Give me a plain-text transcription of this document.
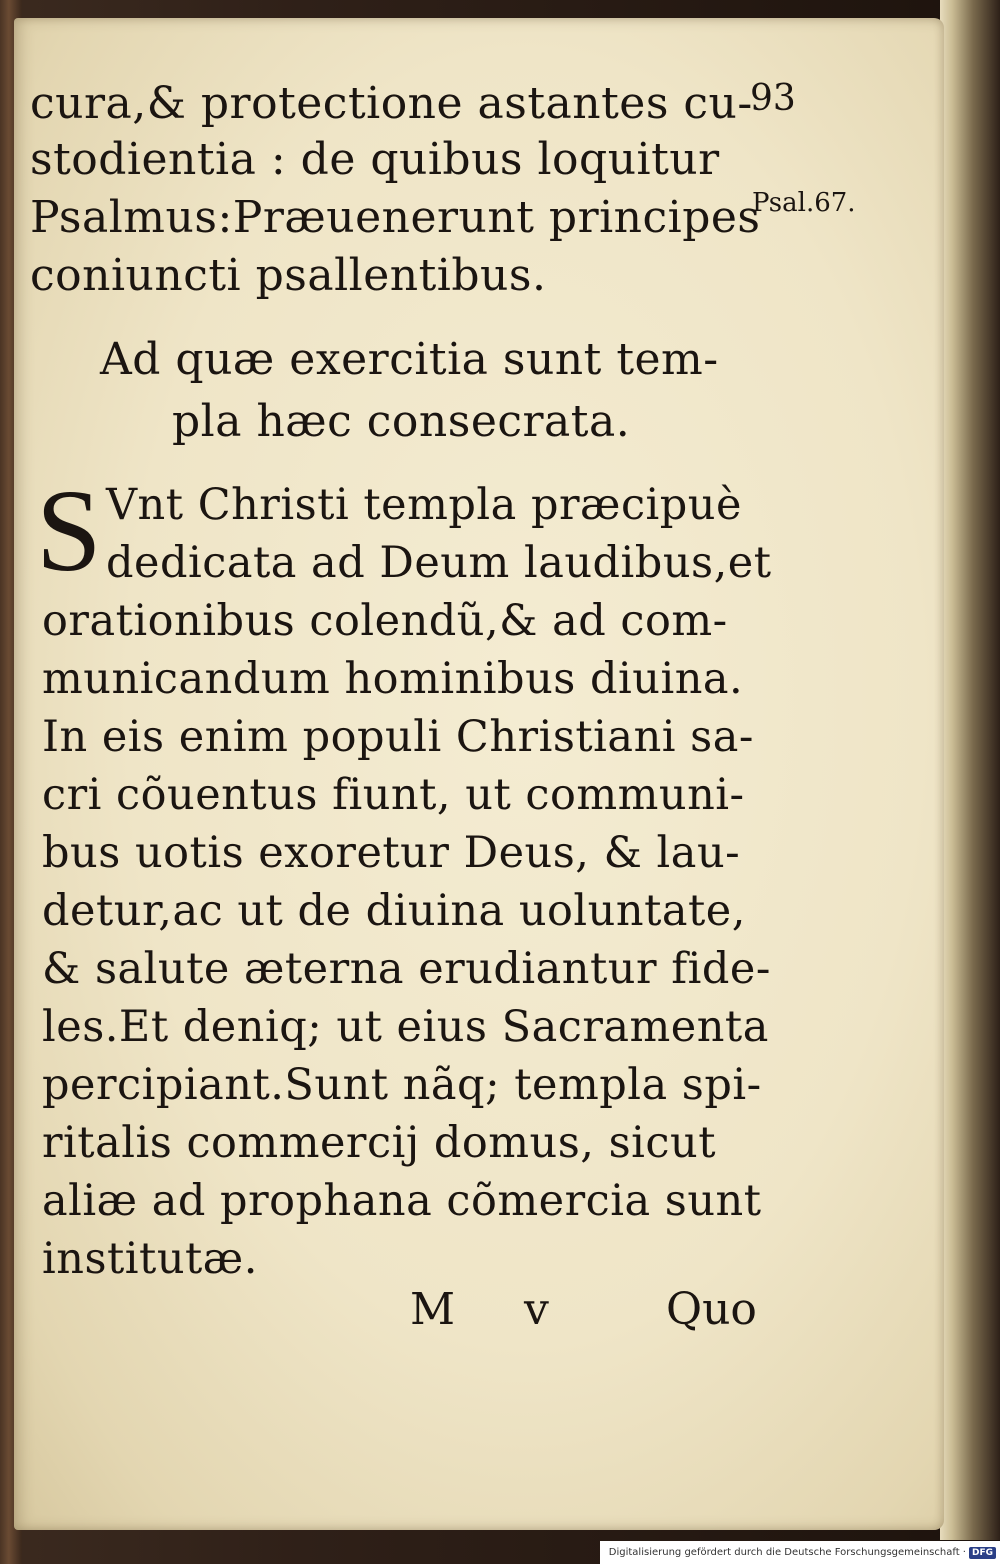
cura,& protectione astantes cu-
stodientia : de quibus loquitur
Psalmus:Præuenerunt principes
coniuncti psallentibus.
93
Psal.67.
Ad quæ exercitia sunt tem-
pla hæc consecrata.
S Vnt Christi templa præcipuè
dedicata ad Deum laudibus,et
orationibus colendũ,& ad com-
municandum hominibus diuina.
In eis enim populi Christiani sa-
cri cõuentus fiunt, ut communi-
bus uotis exoretur Deus, & lau-
detur,ac ut de diuina uoluntate,
& salute æterna erudiantur fide-
les.Et deniq; ut eius Sacramenta
percipiant.Sunt nãq; templa spi-
ritalis commercij domus, sicut
aliæ ad prophana cõmercia sunt
institutæ.
M v	Quo
Digitalisierung gefördert durch die Deutsche Forschungsgemeinschaft · DFG
